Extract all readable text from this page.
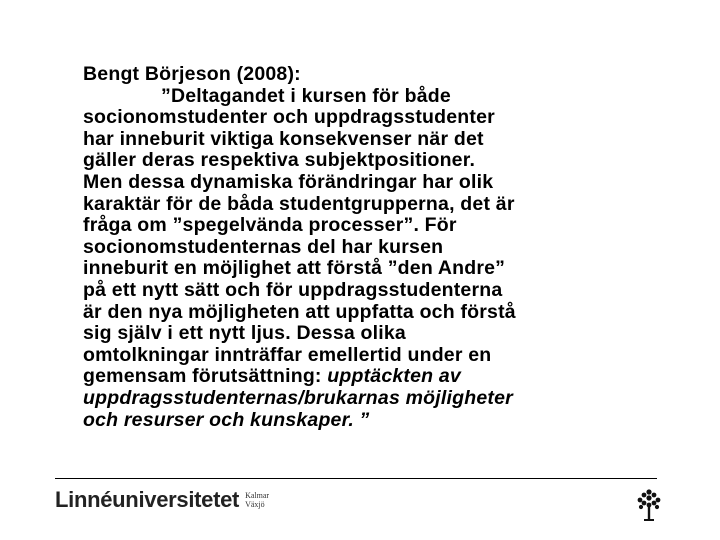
Bengt Börjeson (2008):
”Deltagandet i kursen för både
socionomstudenter och uppdragsstudenter
har inneburit viktiga konsekvenser när det
gäller deras respektiva subjektpositioner.
Men dessa dynamiska förändringar har olik
karaktär för de båda studentgrupperna, det är
fråga om ”spegelvända processer”. För
socionomstudenternas del har kursen
inneburit en möjlighet att förstå ”den Andre”
på ett nytt sätt och för uppdragsstudenterna
är den nya möjligheten att uppfatta och förstå
sig själv i ett nytt ljus. Dessa olika
omtolkningar innträffar emellertid under en
gemensam förutsättning: upptäckten av
uppdragsstudenternas/brukarnas möjligheter
och resurser och kunskaper. ”
Linnéuniversitetet Kalmar
Växjö
